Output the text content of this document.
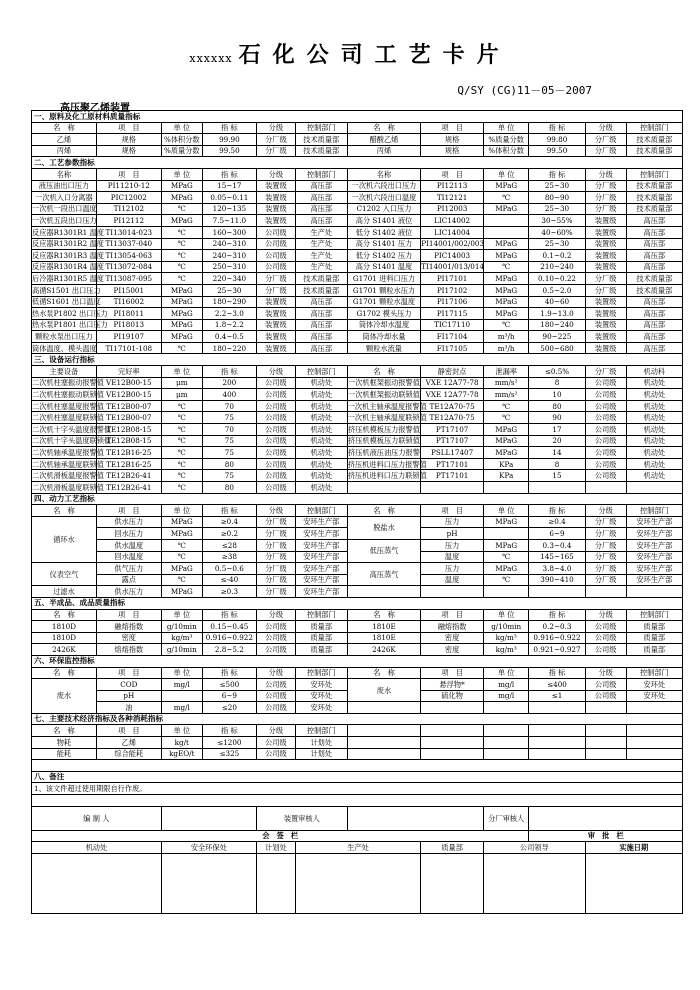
xxxxxx 石化公司工艺卡片
Q/SY (CG)11－05－2007
高压聚乙烯装置
一、原料及化工原材料质量指标											
名　称	项　目	单 位	指 标	分级	控制部门	名　称	项　目	单 位	指 标	分级	控制部门
乙烯	规格	%体积分数	99.90	分厂级	技术质量部	醋酸乙烯	规格	%质量分数	99.80	分厂级	技术质量部
丙烯	规格	%质量分数	99.50	分厂级	技术质量部	丙烯	规格	%体积分数	99.50	分厂级	技术质量部
二、工艺参数指标											
名称	项　目	单 位	指 标	分级	控制部门	名称	项　目	单 位	指 标	分级	控制部门
液压油出口压力	PI11210-12	MPaG	15~17	装置级	高压部	一次机六段出口压力	PI12113	MPaG	25~30	分厂级	技术质量部
一次机入口分离器	PIC12002	MPaG	0.05~0.11	装置级	高压部	一次机六段出口温度	TI12121	℃	80~90	分厂级	技术质量部
一次机一段出口温度	TI12102	℃	120~135	装置级	高压部	C1202 入口压力	PI12003	MPaG	25~30	分厂级	技术质量部
一次机五段出口压力	PI12112	MPaG	7.5~11.0	装置级	高压部	高分 S1401 液位	LIC14002		30~55%	装置级	高压部
反应器R1301R1 温度	TI13014-023	℃	160~300	公司级	生产处	低分 S1402 液位	LIC14004		40~60%	装置级	高压部
反应器R1301R2 温度	TI13037-040	℃	240~310	公司级	生产处	高分 S1401 压力	PI14001/002/003	MPaG	25~30	装置级	高压部
反应器R1301R3 温度	TI13054-063	℃	240~310	公司级	生产处	低分 S1402 压力	PIC14003	MPaG	0.1~0.2	装置级	高压部
反应器R1301R4 温度	TI13072-084	℃	250~310	公司级	生产处	高分 S1401 温度	TI14001/013/014	℃	210~240	装置级	高压部
后冷器R1301R5 温度	TI13087-095	℃	220~340	分厂级	技术质量部	G1701 进料口压力	PI17101	MPaG	0.10~0.22	分厂级	技术质量部
高循S1501 出口压力	PI15001	MPaG	25~30	分厂级	技术质量部	G1701 颗粒水压力	PI17102	MPaG	0.5~2.0	分厂级	技术质量部
低循S1601 出口温度	TI16002	MPaG	180~290	装置级	高压部	G1701 颗粒水温度	PI17106	MPaG	40~60	装置级	高压部
热水泵P1802 出口压力	PI18011	MPaG	2.2~3.0	装置级	高压部	G1702 模头压力	PI17115	MPaG	1.9~13.0	装置级	高压部
热水泵P1801 出口压力	PI18013	MPaG	1.8~2.2	装置级	高压部	筒体冷却水温度	TIC17110	℃	180~240	装置级	高压部
颗粒水泵出口压力	PI19107	MPaG	0.4~0.5	装置级	高压部	筒体冷却水量	FI17104	m³/h	90~225	装置级	高压部
筒体温度、模头温度	TI17101-108	℃	180~220	装置级	高压部	颗粒水流量	FI17105	m³/h	500~680	装置级	高压部
三、设备运行指标											
主要设备	完好率	单 位	指 标	分级	控制部门	名　称	静密封点	泄漏率	≤0.5%	分厂级	机动科
二次机柱塞振动报警值	VE12B00-15	μm	200	公司级	机动处	一次机框架振动报警值	VXE 12A77-78	mm/s²	8	公司级	机动处
二次机柱塞振动联锁值	VE12B00-15	μm	400	公司级	机动处	一次机框架振动联锁值	VXE 12A77-78	mm/s²	10	公司级	机动处
二次机柱塞温度报警值	TE12B00-07	℃	70	公司级	机动处	一次机主轴承温度报警值	TE12A70-75	℃	80	公司级	机动处
二次机柱塞温度联锁值	TE12B00-07	℃	75	公司级	机动处	一次机主轴承温度联锁值	TE12A70-75	℃	90	公司级	机动处
二次机十字头温度报警值	TE12B08-15	℃	70	公司级	机动处	挤压机模板压力报警值	PT17107	MPaG	17	公司级	机动处
二次机十字头温度联锁值	TE12B08-15	℃	75	公司级	机动处	挤压机模板压力联锁值	PT17107	MPaG	20	公司级	机动处
二次机轴承温度报警值	TE12B16-25	℃	75	公司级	机动处	挤压机液压油压力报警	PSLL17407	MPaG	14	公司级	机动处
二次机轴承温度联锁值	TE12B16-25	℃	80	公司级	机动处	挤压机进料口压力报警值	PT17101	KPa	8	公司级	机动处
二次机滑板温度报警值	TE12B26-41	℃	75	公司级	机动处	挤压机进料口压力联锁值	PT17101	KPa	15	公司级	机动处
二次机滑板温度联锁值	TE12B26-41	℃	80	公司级	机动处						
四、动力工艺指标											
名　称	项　目	单 位	指 标	分级	控制部门	名　称	项　目	单 位	指 标	分级	控制部门
循环水	供水压力	MPaG	≥0.4	分厂级	安环生产部	脱盐水	压力	MPaG	≥0.4	分厂级	安环生产部
	回水压力	MPaG	≥0.2	分厂级	安环生产部		pH		6~9	分厂级	安环生产部
	供水温度	℃	≤28	分厂级	安环生产部	低压蒸气	压力	MPaG	0.3~0.4	分厂级	安环生产部
	回水温度	℃	≥38	分厂级	安环生产部		温度	℃	145~165	分厂级	安环生产部
仪表空气	供气压力	MPaG	0.5~0.6	分厂级	安环生产部	高压蒸气	压力	MPaG	3.8~4.0	分厂级	安环生产部
	露点	℃	≤-40	分厂级	安环生产部		温度	℃	390~410	分厂级	安环生产部
过滤水	供水压力	MPaG	≥0.3	分厂级	安环生产部						
五、半成品、成品质量指标											
名　称	项　目	单 位	指 标	分级	控制部门	名　称	项　目	单 位	指 标	分级	控制部门
1810D	融熔指数	g/10min	0.15~0.45	公司级	质量部	1810E	融熔指数	g/10min	0.2~0.3	公司级	质量部
1810D	密度	kg/m³	0.916~0.922	公司级	质量部	1810E	密度	kg/m³	0.916~0.922	公司级	质量部
2426K	熔熔指数	g/10min	2.8~5.2	公司级	质量部	2426K	密度	kg/m³	0.921~0.927	公司级	质量部
六、环保监控指标											
名　称	项　目	单 位	指 标	分级	控制部门	名　称	项　目	单 位	指 标	分级	控制部门
废水	COD	mg/l	≤500	公司级	安环处	废水	悬浮物*	mg/l	≤400	公司级	安环处
	pH		6~9	公司级	安环处		硫化物	mg/l	≤1	公司级	安环处
	油	mg/l	≤20	公司级	安环处						
七、主要技术经济指标及各种消耗指标											
名　称	项　目	单 位	指 标	分级	控制部门						
物耗	乙烯	kg/t	≤1200	公司级	计划处						
能耗	综合能耗	kgEO/t	≤325	公司级	计划处						

八、备注											
1、该文件超过使用期限自行作废。											

编 制 人				装置审核人				分厂审核人			
会　签　栏									审　批　栏		
机动处		安全环保处		计划处	生产处		质量部	公司领导		实施日期	
